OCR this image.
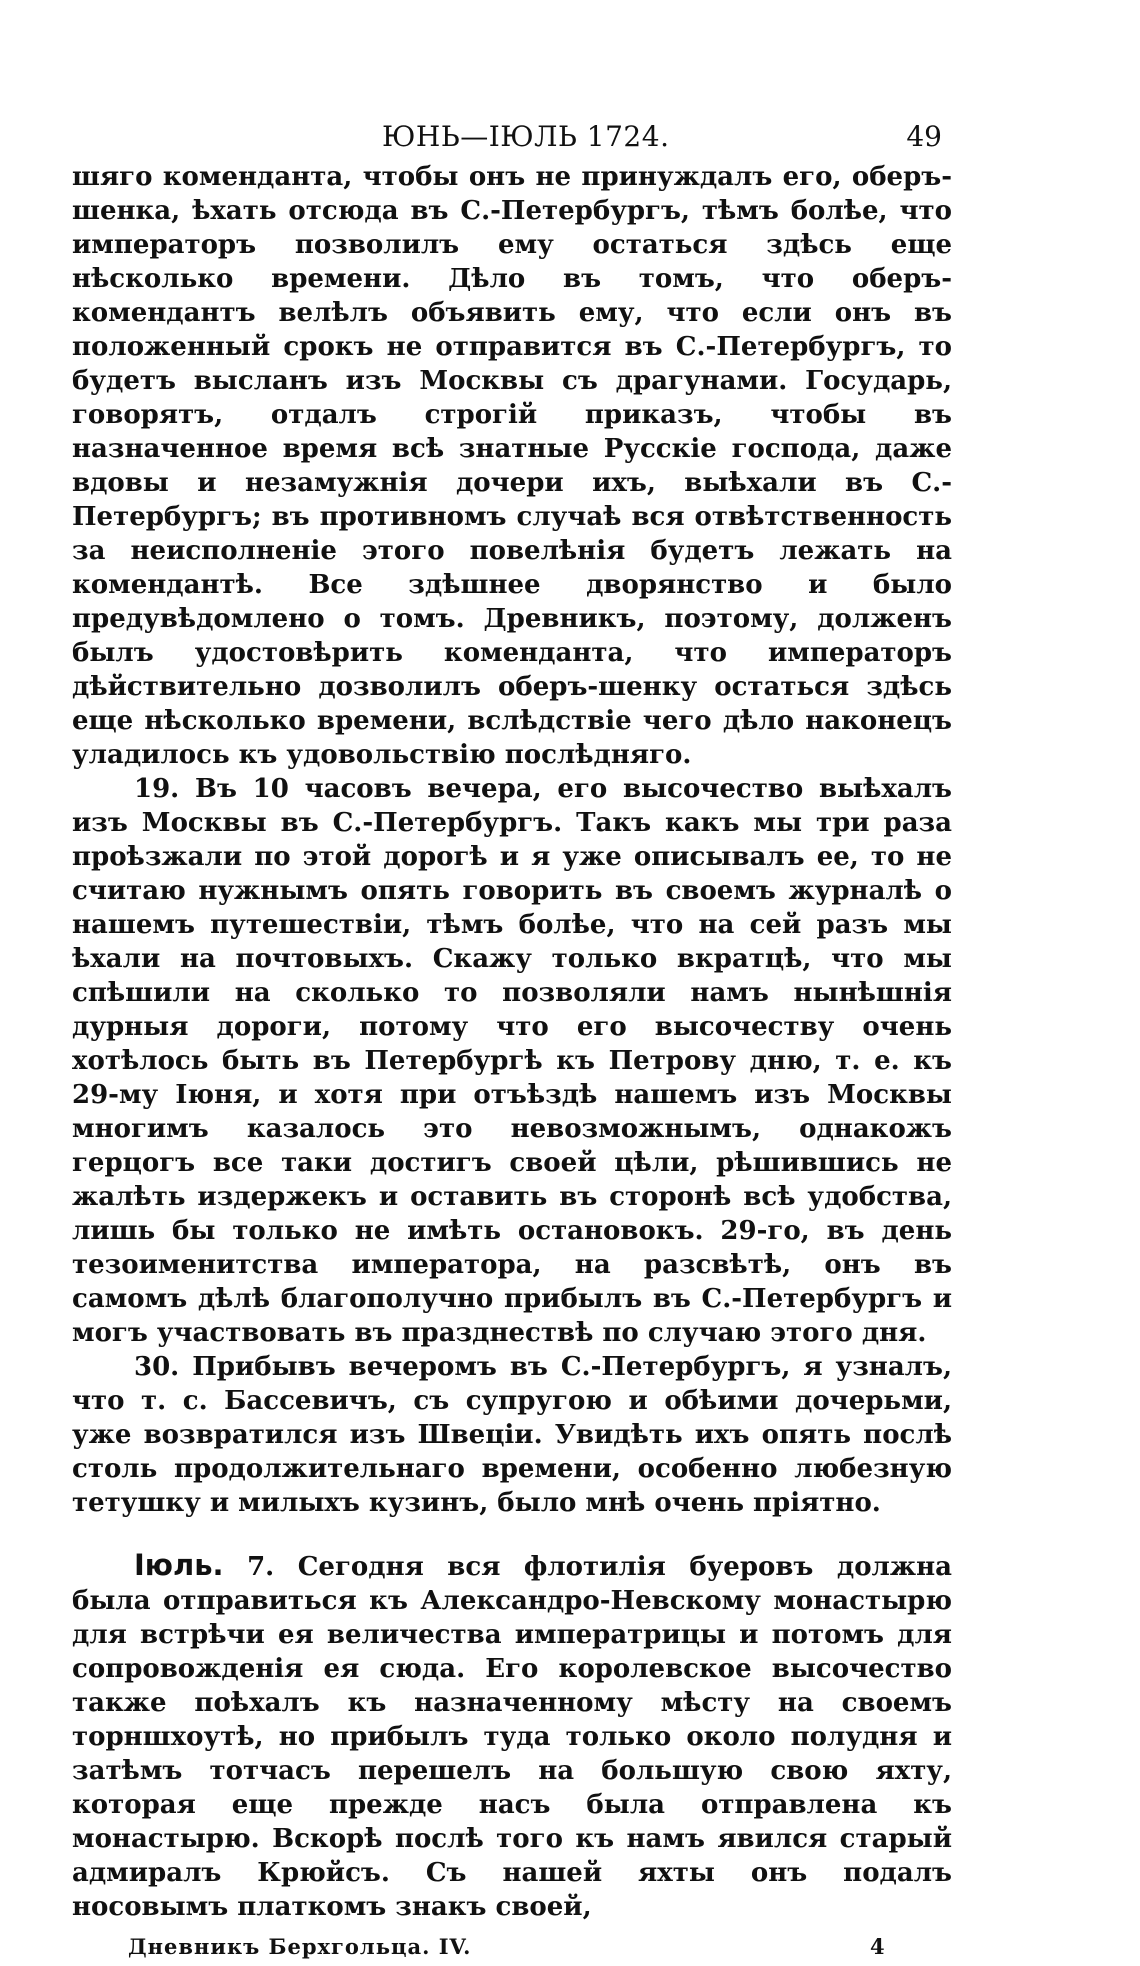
ЮНЬ—ІЮЛЬ 1724.	49

шяго коменданта, чтобы онъ не принуждалъ его, оберъ-шенка, ѣхать отсюда въ С.-Петербургъ, тѣмъ болѣе, что императоръ позволилъ ему остаться здѣсь еще нѣсколько времени. Дѣло въ томъ, что оберъ-комендантъ велѣлъ объявить ему, что если онъ въ положенный срокъ не отправится въ С.-Петербургъ, то будетъ высланъ изъ Москвы съ драгунами. Государь, говорятъ, отдалъ строгій приказъ, чтобы въ назначенное время всѣ знатные Русскіе господа, даже вдовы и незамужнія дочери ихъ, выѣхали въ С.-Петербургъ; въ противномъ случаѣ вся отвѣтственность за неисполненіе этого повелѣнія будетъ лежать на комендантѣ. Все здѣшнее дворянство и было предувѣдомлено о томъ. Древникъ, поэтому, долженъ былъ удостовѣрить коменданта, что императоръ дѣйствительно дозволилъ оберъ-шенку остаться здѣсь еще нѣсколько времени, вслѣдствіе чего дѣло наконецъ уладилось къ удовольствію послѣдняго.

19. Въ 10 часовъ вечера, его высочество выѣхалъ изъ Москвы въ С.-Петербургъ. Такъ какъ мы три раза проѣзжали по этой дорогѣ и я уже описывалъ ее, то не считаю нужнымъ опять говорить въ своемъ журналѣ о нашемъ путешествіи, тѣмъ болѣе, что на сей разъ мы ѣхали на почтовыхъ. Скажу только вкратцѣ, что мы спѣшили на сколько то позволяли намъ нынѣшнія дурныя дороги, потому что его высочеству очень хотѣлось быть въ Петербургѣ къ Петрову дню, т. е. къ 29-му Іюня, и хотя при отъѣздѣ нашемъ изъ Москвы многимъ казалось это невозможнымъ, однакожъ герцогъ все таки достигъ своей цѣли, рѣшившись не жалѣть издержекъ и оставить въ сторонѣ всѣ удобства, лишь бы только не имѣть остановокъ. 29-го, въ день тезоименитства императора, на разсвѣтѣ, онъ въ самомъ дѣлѣ благополучно прибылъ въ С.-Петербургъ и могъ участвовать въ празднествѣ по случаю этого дня.

30. Прибывъ вечеромъ въ С.-Петербургъ, я узналъ, что т. с. Бассевичъ, съ супругою и обѣими дочерьми, уже возвратился изъ Швеціи. Увидѣть ихъ опять послѣ столь продолжительнаго времени, особенно любезную тетушку и милыхъ кузинъ, было мнѣ очень пріятно.

Іюль. 7. Сегодня вся флотилія буеровъ должна была отправиться къ Александро-Невскому монастырю для встрѣчи ея величества императрицы и потомъ для сопровожденія ея сюда. Его королевское высочество также поѣхалъ къ назначенному мѣсту на своемъ торншхоутѣ, но прибылъ туда только около полудня и затѣмъ тотчасъ перешелъ на большую свою яхту, которая еще прежде насъ была отправлена къ монастырю. Вскорѣ послѣ того къ намъ явился старый адмиралъ Крюйсъ. Съ нашей яхты онъ подалъ носовымъ платкомъ знакъ своей,

Дневникъ Берхгольца. IV.	4
